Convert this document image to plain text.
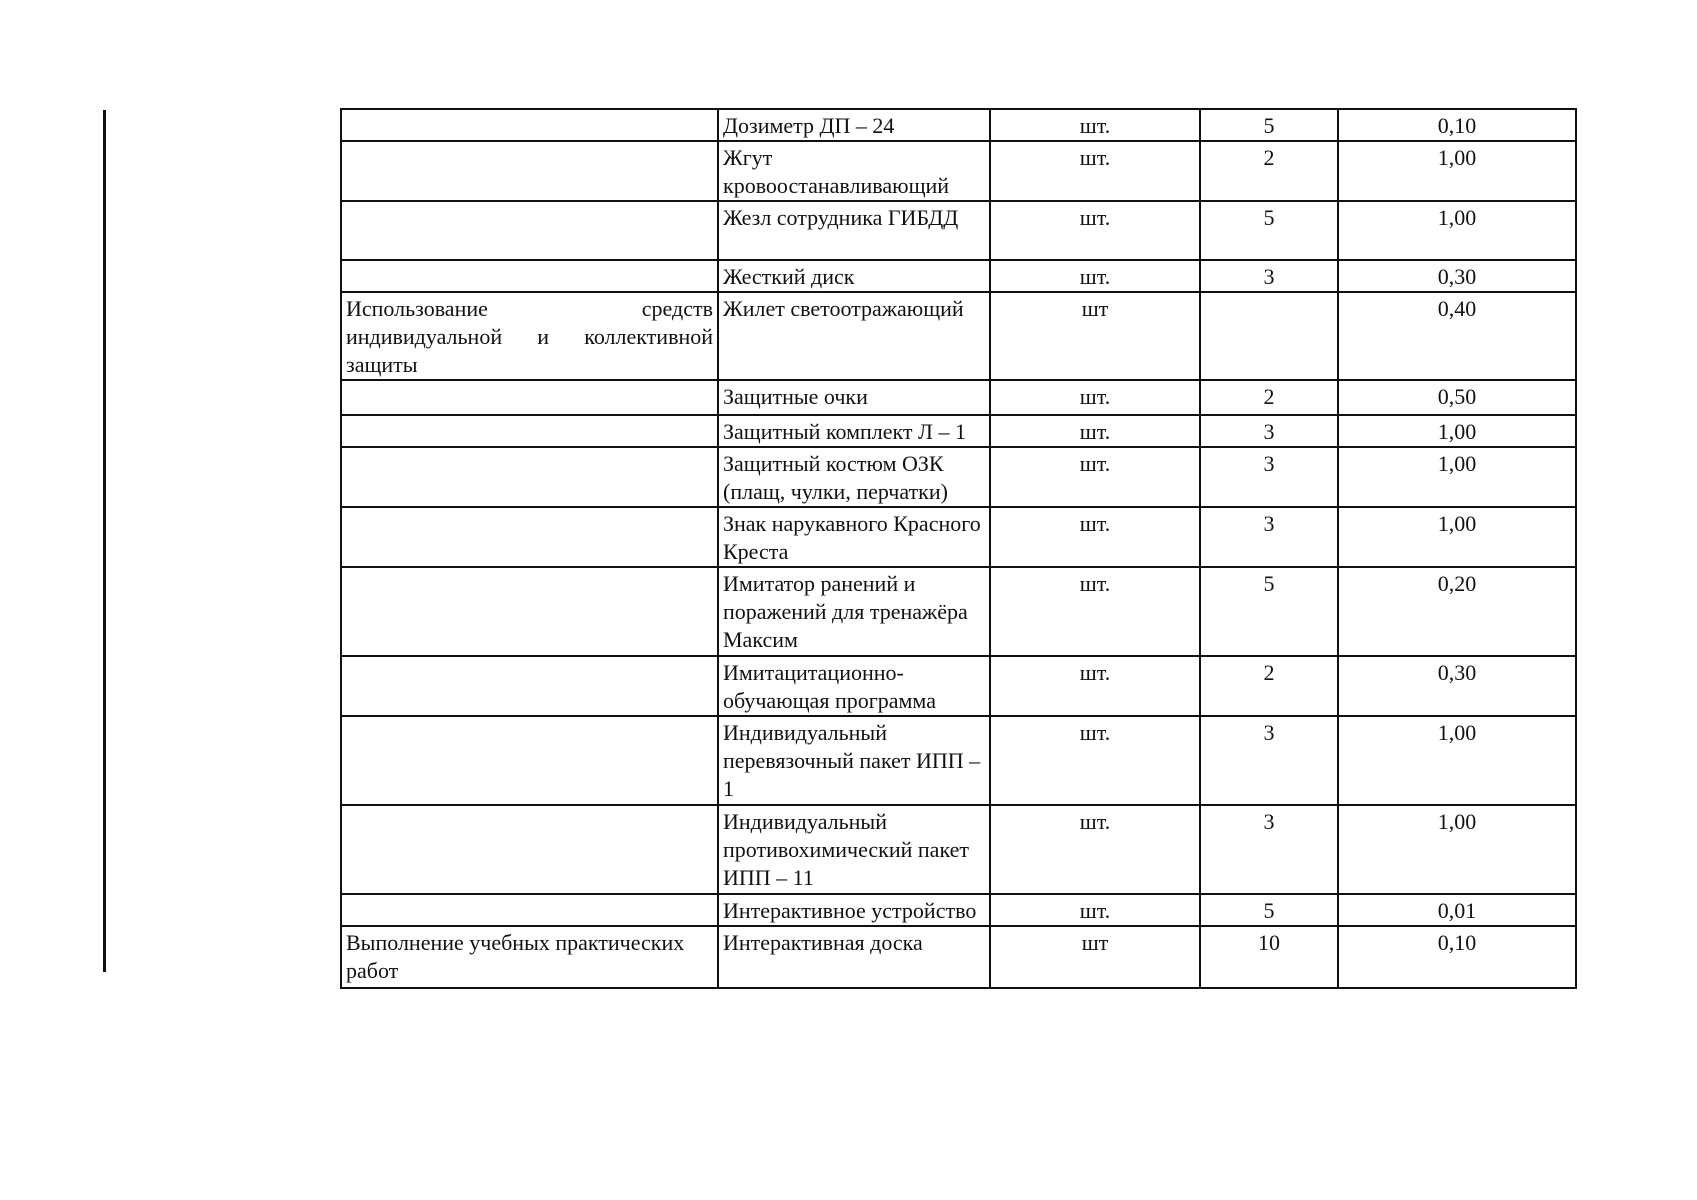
	Дозиметр ДП – 24	шт.	5	0,10
	Жгут кровоостанавливающий	шт.	2	1,00
	Жезл сотрудника ГИБДД	шт.	5	1,00
	Жесткий диск	шт.	3	0,30
Использование средств индивидуальной и коллективной защиты	Жилет светоотражающий	шт		0,40
	Защитные очки	шт.	2	0,50
	Защитный комплект Л – 1	шт.	3	1,00
	Защитный костюм ОЗК (плащ, чулки, перчатки)	шт.	3	1,00
	Знак нарукавного Красного Креста	шт.	3	1,00
	Имитатор ранений и поражений для тренажёра Максим	шт.	5	0,20
	Имитацитационно-обучающая программа	шт.	2	0,30
	Индивидуальный перевязочный пакет ИПП – 1	шт.	3	1,00
	Индивидуальный противохимический пакет ИПП – 11	шт.	3	1,00
	Интерактивное устройство	шт.	5	0,01
Выполнение учебных практических работ	Интерактивная доска	шт	10	0,10
